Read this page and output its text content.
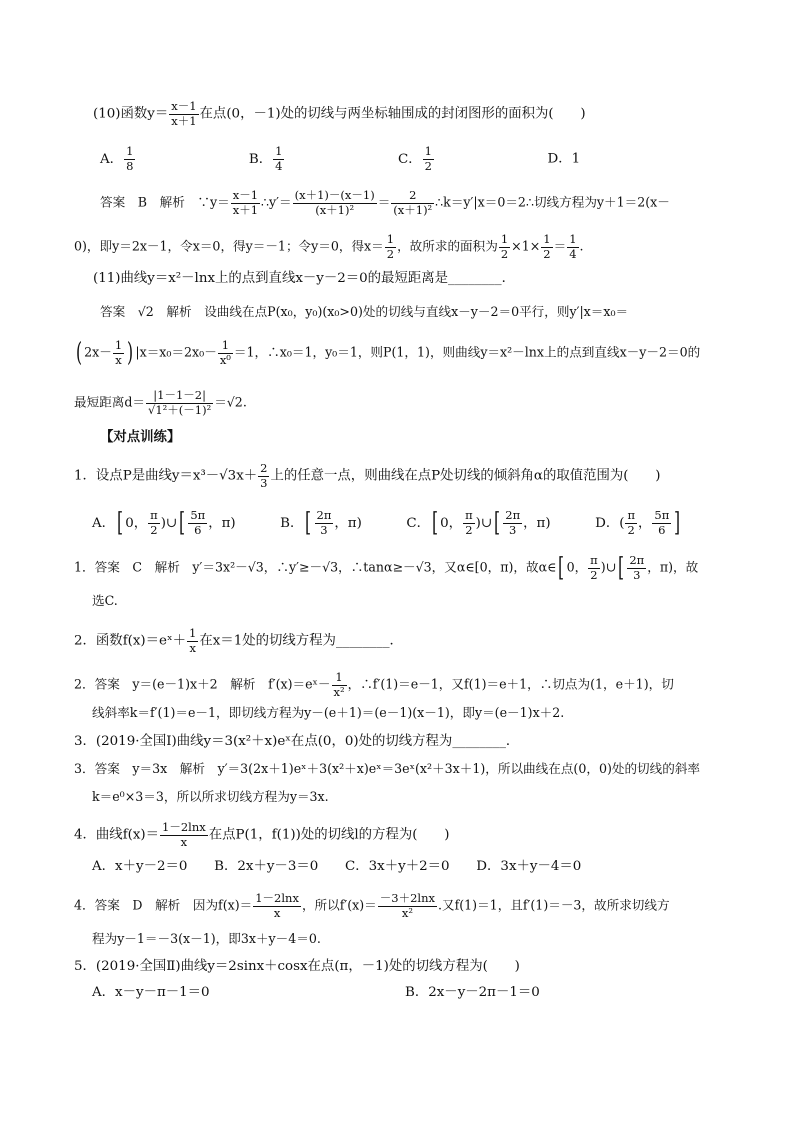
(10)函数$y= \frac{x-1}{x+1}$ 在点(0，－1)处的切线与两坐标轴围成的封闭图形的面积为(　　)
A． $\frac{1}{8}$	B． $\frac{1}{4}$	C． $\frac{1}{2}$	D．1
答案　B　解析　∵y＝ $\frac{x-1}{x+1}$ ∴y′＝ $\frac{(x+1)-(x-1)}{\text{(x＋1)²}} = \frac{2}{\text{(x＋1)²}}$ ∴k＝y′|x＝0＝2∴切线方程为y＋1＝2(x－
0)，即y＝2x－1，令x＝0，得y＝－1；令y＝0，得$x= \frac{1}{2}$ ，故所求的面积为 $\frac{1}{2} \times 1\times \frac{1}{2} = \frac{1}{4}$ .
(11)曲线y＝x²－lnx上的点到直线x－y－2＝0的最短距离是________．
答案　√2　解析　设曲线在点P(x₀，y₀)(x₀>0)处的切线与直线x－y－2＝0平行，则y′|x＝x₀＝
( $2x- \frac{1}{x}$ ) $|x=x_0=2x_0- \frac{1}{\text{x⁰}} =1$，∴x₀＝1，y₀＝1，则P(1，1)，则曲线y＝x²－lnx上的点到直线x－y－2＝0的
最短距离$d= \frac{|1-1-2|}{\text{√1²＋(－1)²}} =√2$.
【对点训练】
1．设点P是曲线$y=x^3-√3x+ \frac{2}{3}$ 上的任意一点，则曲线在点P处切线的倾斜角α的取值范围为(　　)
A．[ 0， $\frac{\pi}{2}$ )∪[ $\frac{5\pi}{6}$ ，π)	B．[ $\frac{2\pi}{3}$ ，π)	C．[ 0， $\frac{\pi}{2}$ )∪[ $\frac{2\pi}{3}$ ，π)	D．( $\frac{\pi}{2}$ ， $\frac{5\pi}{6}$ ]
1．答案　C　解析　y′＝3x²－√3，∴y′≥－√3，∴tanα≥－√3，又α∈[0，π)，故α∈[ 0， $\frac{\pi}{2}$ )∪[ $\frac{2\pi}{3}$ ，π)，故
选C.
2．函数f(x)＝eˣ＋ $\frac{1}{x}$ 在x＝1处的切线方程为________．
2．答案　y＝(e－1)x＋2　解析　f′(x)＝eˣ－ $\frac{1}{\text{x²}}$ ，∴f′(1)＝e－1，又f(1)＝e＋1，∴切点为(1，e＋1)，切
线斜率k＝f′(1)＝e－1，即切线方程为y－(e＋1)＝(e－1)(x－1)，即y＝(e－1)x＋2.
3．(2019·全国Ⅰ)曲线y＝3(x²＋x)eˣ在点(0，0)处的切线方程为________．
3．答案　y＝3x　解析　y′＝3(2x＋1)eˣ＋3(x²＋x)eˣ＝3eˣ(x²＋3x＋1)，所以曲线在点(0，0)处的切线的斜率
k＝e⁰×3＝3，所以所求切线方程为y＝3x.
4．曲线$f(x)= \frac{1-2\ln x}{x}$ 在点P(1，f(1))处的切线l的方程为(　　)
A．x＋y－2＝0　　B．2x＋y－3＝0　　C．3x＋y＋2＝0　　D．3x＋y－4＝0
4．答案　D　解析　因为$f(x)= \frac{1-2\ln x}{x}$ ，所以$f'(x)= \frac{-3+2\ln x}{\text{x²}}$ .又f(1)＝1，且f′(1)＝－3，故所求切线方
程为y－1＝－3(x－1)，即3x＋y－4＝0.
5．(2019·全国Ⅱ)曲线y＝2sinx＋cosx在点(π，－1)处的切线方程为(　　)
A．x－y－π－1＝0	B．2x－y－2π－1＝0
